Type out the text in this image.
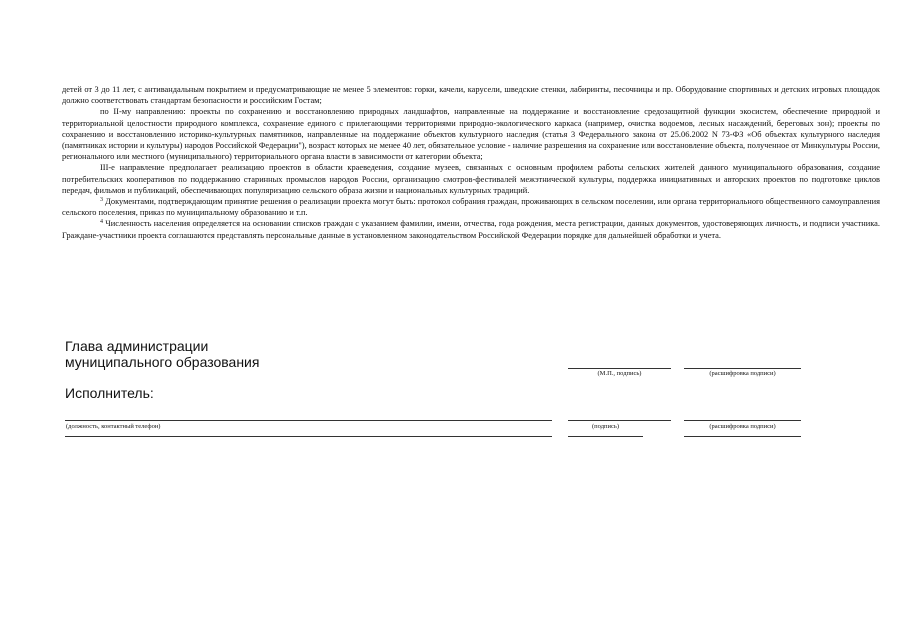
детей от 3 до 11 лет, с антивандальным покрытием и предусматривающие не менее 5 элементов: горки, качели, карусели, шведские стенки, лабиринты, песочницы и пр. Оборудование спортивных и детских игровых площадок должно соответствовать стандартам безопасности и российским Гостам;

по II-му направлению: проекты по сохранению и восстановлению природных ландшафтов, направленные на поддержание и восстановление средозащитной функции экосистем, обеспечение природной и территориальной целостности природного комплекса, сохранение единого с прилегающими территориями природно-экологического каркаса (например, очистка водоемов, лесных насаждений, береговых зон); проекты по сохранению и восстановлению историко-культурных памятников, направленные на поддержание объектов культурного наследия (статья 3 Федерального закона от 25.06.2002 N 73-ФЗ «Об объектах культурного наследия (памятниках истории и культуры) народов Российской Федерации"), возраст которых не менее 40 лет, обязательное условие - наличие разрешения на сохранение или восстановление объекта, полученное от Минкультуры России, регионального или местного (муниципального) территориального органа власти в зависимости от категории объекта;

III-е направление предполагает реализацию проектов в области краеведения, создание музеев, связанных с основным профилем работы сельских жителей данного муниципального образования, создание потребительских кооперативов по поддержанию старинных промыслов народов России, организацию смотров-фестивалей межэтнической культуры, поддержка инициативных и авторских проектов по подготовке циклов передач, фильмов и публикаций, обеспечивающих популяризацию сельского образа жизни и национальных культурных традиций.

$^3$ Документами, подтверждающим принятие решения о реализации проекта могут быть: протокол собрания граждан, проживающих в сельском поселении, или органа территориального общественного самоуправления сельского поселения, приказ по муниципальному образованию и т.п.

$^4$ Численность населения определяется на основании списков граждан с указанием фамилии, имени, отчества, года рождения, места регистрации, данных документов, удостоверяющих личность, и подписи участника. Граждане-участники проекта соглашаются представлять персональные данные в установленном законодательством Российской Федерации порядке для дальнейшей обработки и учета.

Глава администрации
муниципального образования
(М.П., подпись)	(расшифровка подписи)
Исполнитель:
(должность, контактный телефон)	(подпись)	(расшифровка подписи)
